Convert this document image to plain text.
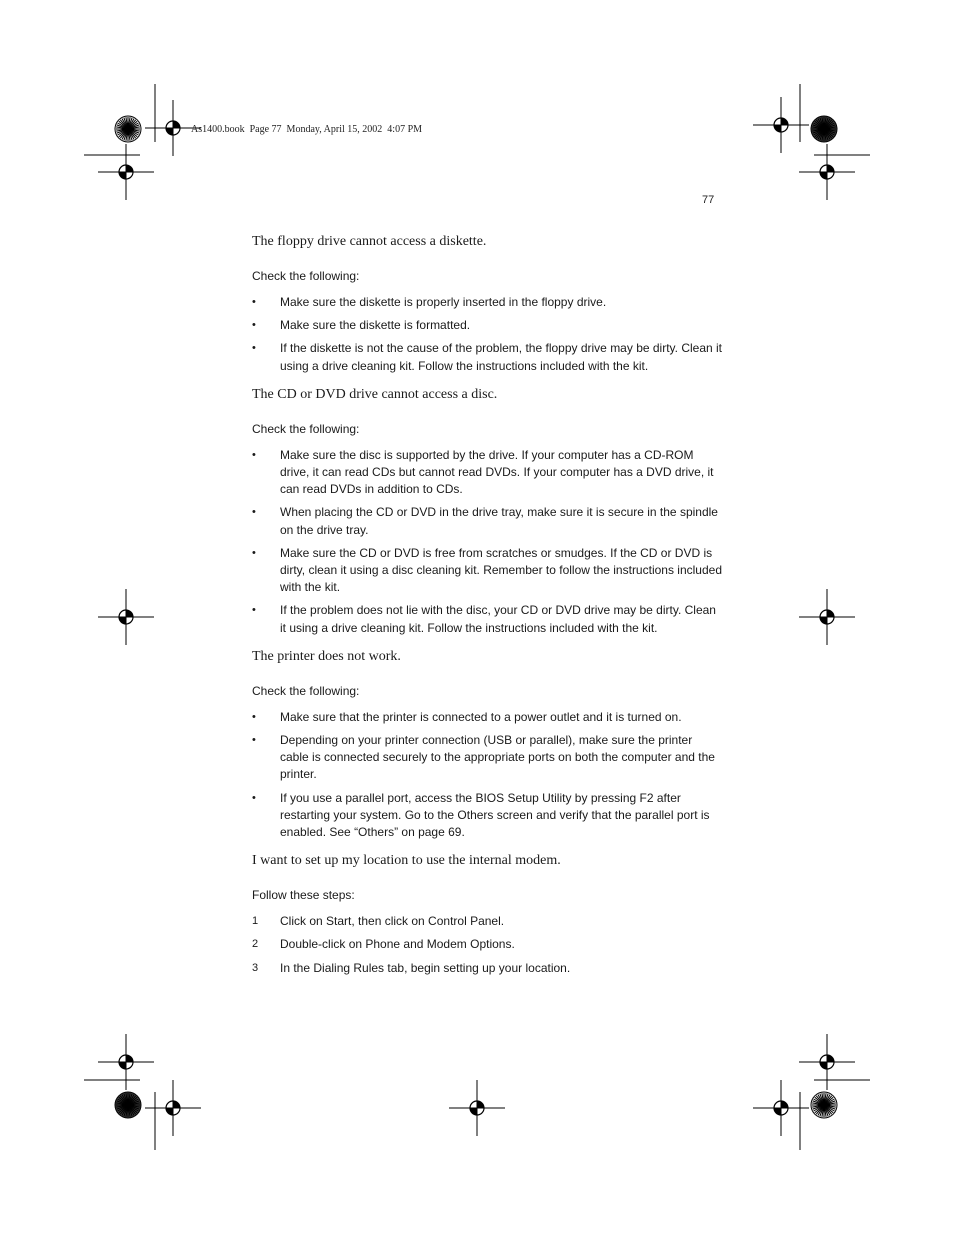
As1400.book  Page 77  Monday, April 15, 2002  4:07 PM
77
The floppy drive cannot access a diskette.
Check the following:
•	Make sure the diskette is properly inserted in the floppy drive.
•	Make sure the diskette is formatted.
•	If the diskette is not the cause of the problem, the floppy drive may be dirty. Clean it using a drive cleaning kit. Follow the instructions included with the kit.
The CD or DVD drive cannot access a disc.
Check the following:
•	Make sure the disc is supported by the drive. If your computer has a CD-ROM drive, it can read CDs but cannot read DVDs. If your computer has a DVD drive, it can read DVDs in addition to CDs.
•	When placing the CD or DVD in the drive tray, make sure it is secure in the spindle on the drive tray.
•	Make sure the CD or DVD is free from scratches or smudges. If the CD or DVD is dirty, clean it using a disc cleaning kit. Remember to follow the instructions included with the kit.
•	If the problem does not lie with the disc, your CD or DVD drive may be dirty. Clean it using a drive cleaning kit. Follow the instructions included with the kit.
The printer does not work.
Check the following:
•	Make sure that the printer is connected to a power outlet and it is turned on.
•	Depending on your printer connection (USB or parallel), make sure the printer cable is connected securely to the appropriate ports on both the computer and the printer.
•	If you use a parallel port, access the BIOS Setup Utility by pressing F2 after restarting your system. Go to the Others screen and verify that the parallel port is enabled. See “Others” on page 69.
I want to set up my location to use the internal modem.
Follow these steps:
1	Click on Start, then click on Control Panel.
2	Double-click on Phone and Modem Options.
3	In the Dialing Rules tab, begin setting up your location.
